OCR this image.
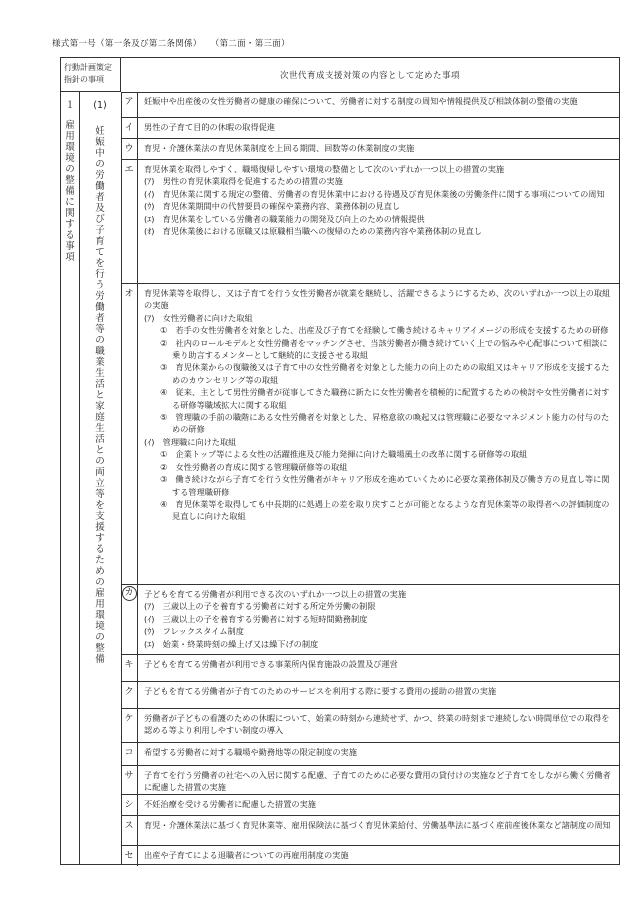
様式第一号（第一条及び第二条関係）　　（第二面・第三面）
行動計画策定指針の事項	次世代育成支援対策の内容として定めた事項
１
雇用環境の整備に関する事項
(1)
妊娠中の労働者及び子育てを行う労働者等の職業生活と家庭生活との両立等を支援するための雇用環境の整備
ア	妊娠中や出産後の女性労働者の健康の確保について、労働者に対する制度の周知や情報提供及び相談体制の整備の実施

イ	男性の子育て目的の休暇の取得促進

ウ	育児・介護休業法の育児休業制度を上回る期間、回数等の休業制度の実施

エ	育児休業を取得しやすく、職場復帰しやすい環境の整備として次のいずれか一つ以上の措置の実施

(ｱ)　男性の育児休業取得を促進するための措置の実施

(ｲ)　育児休業に関する規定の整備、労働者の育児休業中における待遇及び育児休業後の労働条件に関する事項についての周知

(ｳ)　育児休業期間中の代替要員の確保や業務内容、業務体制の見直し

(ｴ)　育児休業をしている労働者の職業能力の開発及び向上のための情報提供

(ｵ)　育児休業後における原職又は原職相当職への復帰のための業務内容や業務体制の見直し

オ	育児休業等を取得し、又は子育てを行う女性労働者が就業を継続し、活躍できるようにするため、次のいずれか一つ以上の取組の実施

(ｱ)　女性労働者に向けた取組

①　若手の女性労働者を対象とした、出産及び子育てを経験して働き続けるキャリアイメージの形成を支援するための研修

②　社内のロールモデルと女性労働者をマッチングさせ、当該労働者が働き続けていく上での悩みや心配事について相談に乗り助言するメンターとして継続的に支援させる取組

③　育児休業からの復職後又は子育て中の女性労働者を対象とした能力の向上のための取組又はキャリア形成を支援するためのカウンセリング等の取組

④　従来、主として男性労働者が従事してきた職務に新たに女性労働者を積極的に配置するための検討や女性労働者に対する研修等職域拡大に関する取組

⑤　管理職の手前の職階にある女性労働者を対象とした、昇格意欲の喚起又は管理職に必要なマネジメント能力の付与のための研修

(ｲ)　管理職に向けた取組

①　企業トップ等による女性の活躍推進及び能力発揮に向けた職場風土の改革に関する研修等の取組

②　女性労働者の育成に関する管理職研修等の取組

③　働き続けながら子育てを行う女性労働者がキャリア形成を進めていくために必要な業務体制及び働き方の見直し等に関する管理職研修

④　育児休業等を取得しても中長期的に処遇上の差を取り戻すことが可能となるような育児休業等の取得者への評価制度の見直しに向けた取組

カ	子どもを育てる労働者が利用できる次のいずれか一つ以上の措置の実施

(ｱ)　三歳以上の子を養育する労働者に対する所定外労働の制限

(ｲ)　三歳以上の子を養育する労働者に対する短時間勤務制度

(ｳ)　フレックスタイム制度

(ｴ)　始業・終業時刻の繰上げ又は繰下げの制度

キ	子どもを育てる労働者が利用できる事業所内保育施設の設置及び運営

ク	子どもを育てる労働者が子育てのためのサービスを利用する際に要する費用の援助の措置の実施

ケ	労働者が子どもの看護のための休暇について、始業の時刻から連続せず、かつ、終業の時刻まで連続しない時間単位での取得を認める等より利用しやすい制度の導入

コ	希望する労働者に対する職場や勤務地等の限定制度の実施

サ	子育てを行う労働者の社宅への入居に関する配慮、子育てのために必要な費用の貸付けの実施など子育てをしながら働く労働者に配慮した措置の実施

シ	不妊治療を受ける労働者に配慮した措置の実施

ス	育児・介護休業法に基づく育児休業等、雇用保険法に基づく育児休業給付、労働基準法に基づく産前産後休業など諸制度の周知

セ	出産や子育てによる退職者についての再雇用制度の実施
